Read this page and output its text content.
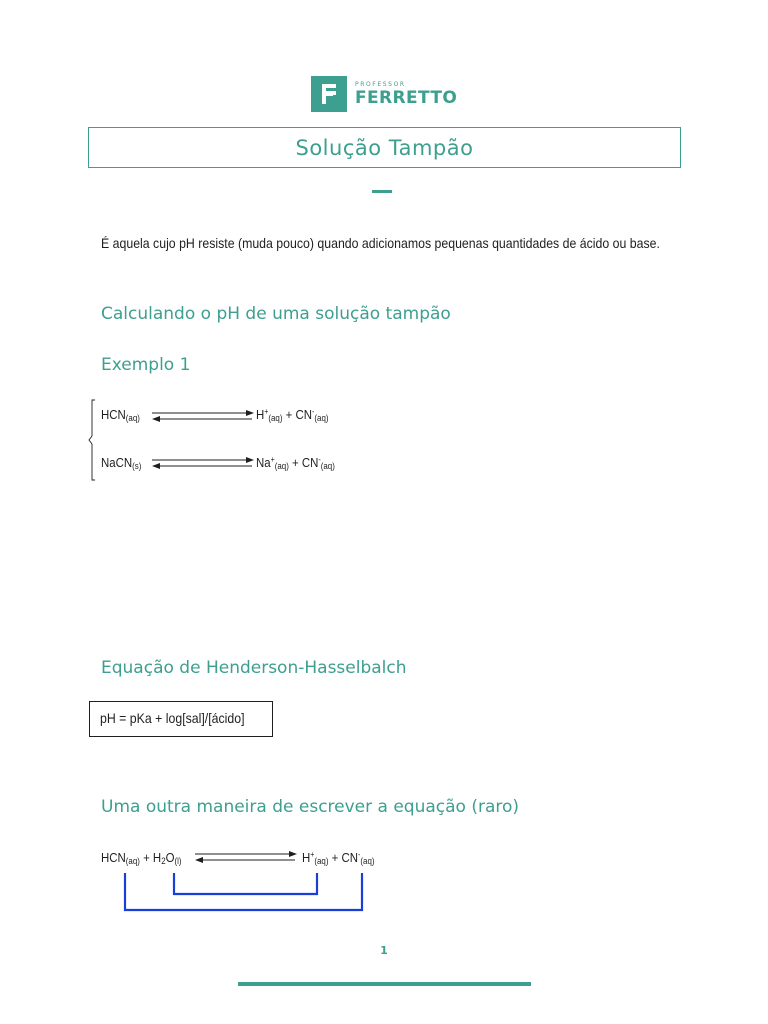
PROFESSOR
FERRETTO
Solução Tampão
É aquela cujo pH resiste (muda pouco) quando adicionamos pequenas quantidades de ácido ou base.
Calculando o pH de uma solução tampão
Exemplo 1
$HCN_{(aq)}$	$H^+_{(aq)} + CN^-_{(aq)}$
NaCN$_{(s)}$	$Na^+_{(aq)} + CN^-_{(aq)}$
Equação de Henderson-Hasselbalch
pH = pKa + log[sal]/[ácido]
Uma outra maneira de escrever a equação (raro)
$HCN_{(aq)} + H_2O_{(l)}$	$H^+_{(aq)} + CN^-_{(aq)}$
1
